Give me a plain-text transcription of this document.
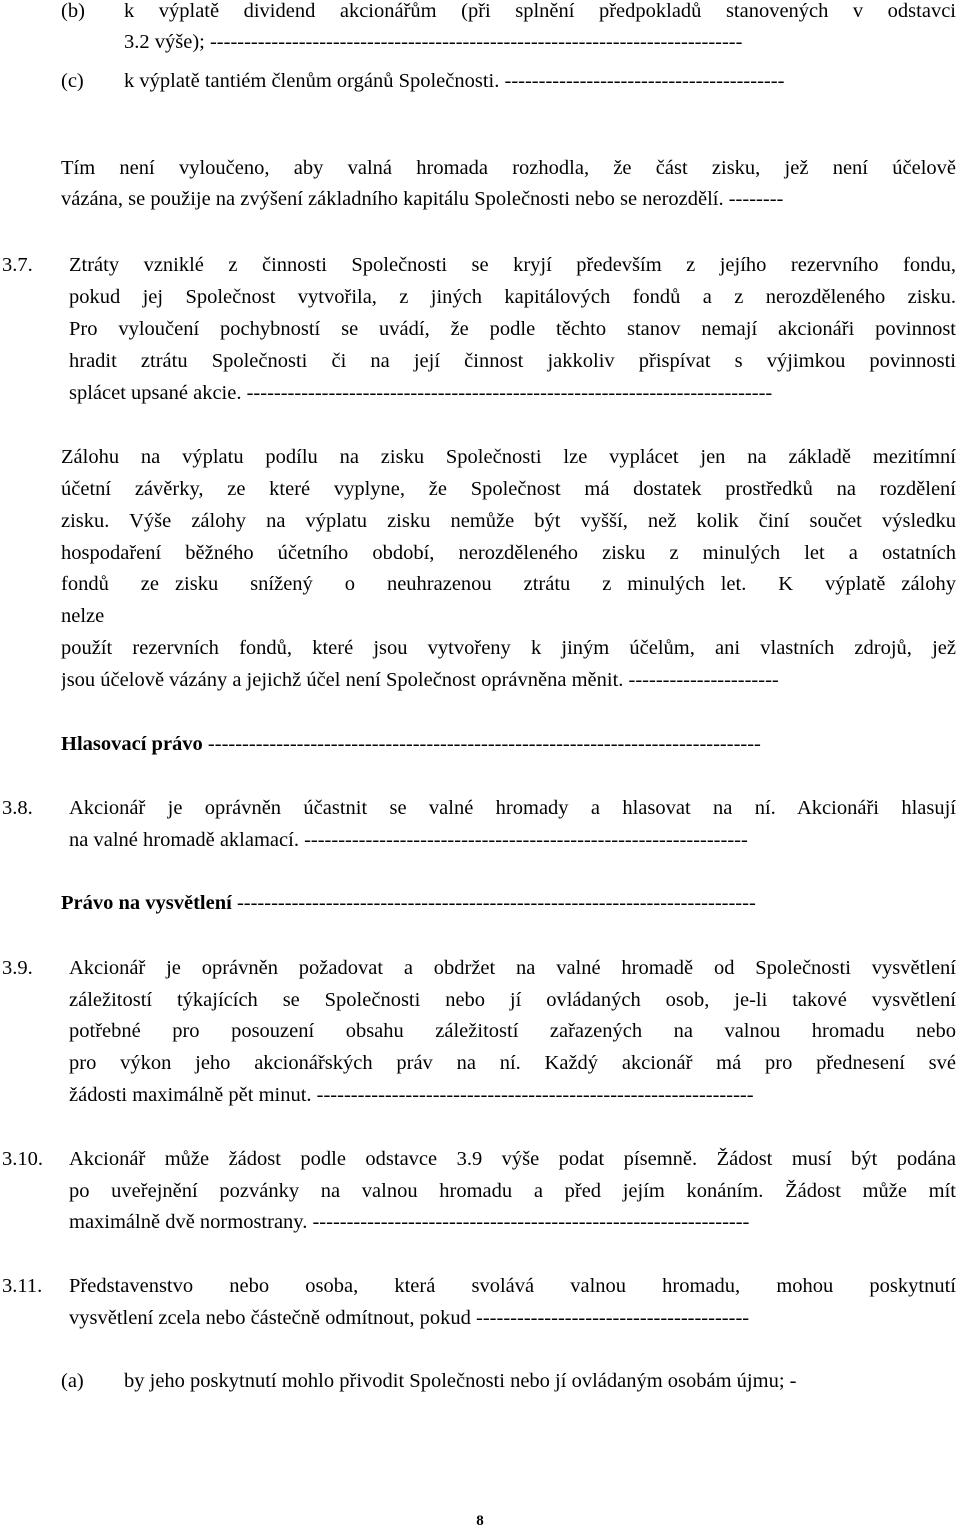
(b) k výplatě dividend akcionářům (při splnění předpokladů stanovených v odstavci
3.2 výše); ------------------------------------------------------------------------------
(c) k výplatě tantiém členům orgánů Společnosti. -----------------------------------------
Tím není vyloučeno, aby valná hromada rozhodla, že část zisku, jež není účelově
vázána, se použije na zvýšení základního kapitálu Společnosti nebo se nerozdělí. --------
3.7. Ztráty vzniklé z činnosti Společnosti se kryjí především z jejího rezervního fondu,
pokud jej Společnost vytvořila, z jiných kapitálových fondů a z nerozděleného zisku.
Pro vyloučení pochybností se uvádí, že podle těchto stanov nemají akcionáři povinnost
hradit ztrátu Společnosti či na její činnost jakkoliv přispívat s výjimkou povinnosti
splácet upsané akcie. -----------------------------------------------------------------------------
Zálohu na výplatu podílu na zisku Společnosti lze vyplácet jen na základě mezitímní
účetní závěrky, ze které vyplyne, že Společnost má dostatek prostředků na rozdělení
zisku. Výše zálohy na výplatu zisku nemůže být vyšší, než kolik činí součet výsledku
hospodaření běžného účetního období, nerozděleného zisku z minulých let a ostatních
fondů  ze zisku  snížený  o  neuhrazenou  ztrátu  z minulých let.  K  výplatě zálohy
nelze
použít rezervních fondů, které jsou vytvořeny k jiným účelům, ani vlastních zdrojů, jež
jsou účelově vázány a jejichž účel není Společnost oprávněna měnit. ----------------------
Hlasovací právo ---------------------------------------------------------------------------------
3.8. Akcionář je oprávněn účastnit se valné hromady a hlasovat na ní. Akcionáři hlasují
na valné hromadě aklamací. -----------------------------------------------------------------
Právo na vysvětlení ----------------------------------------------------------------------------
3.9. Akcionář je oprávněn požadovat a obdržet na valné hromadě od Společnosti vysvětlení
záležitostí týkajících se Společnosti nebo jí ovládaných osob, je-li takové vysvětlení
potřebné pro posouzení obsahu záležitostí zařazených na valnou hromadu nebo
pro výkon jeho akcionářských práv na ní. Každý akcionář má pro přednesení své
žádosti maximálně pět minut. ----------------------------------------------------------------
3.10. Akcionář může žádost podle odstavce 3.9 výše podat písemně. Žádost musí být podána
po uveřejnění pozvánky na valnou hromadu a před jejím konáním. Žádost může mít
maximálně dvě normostrany. ----------------------------------------------------------------
3.11. Představenstvo nebo osoba, která svolává valnou hromadu, mohou poskytnutí
vysvětlení zcela nebo částečně odmítnout, pokud ----------------------------------------
(a) by jeho poskytnutí mohlo přivodit Společnosti nebo jí ovládaným osobám újmu; -
8
